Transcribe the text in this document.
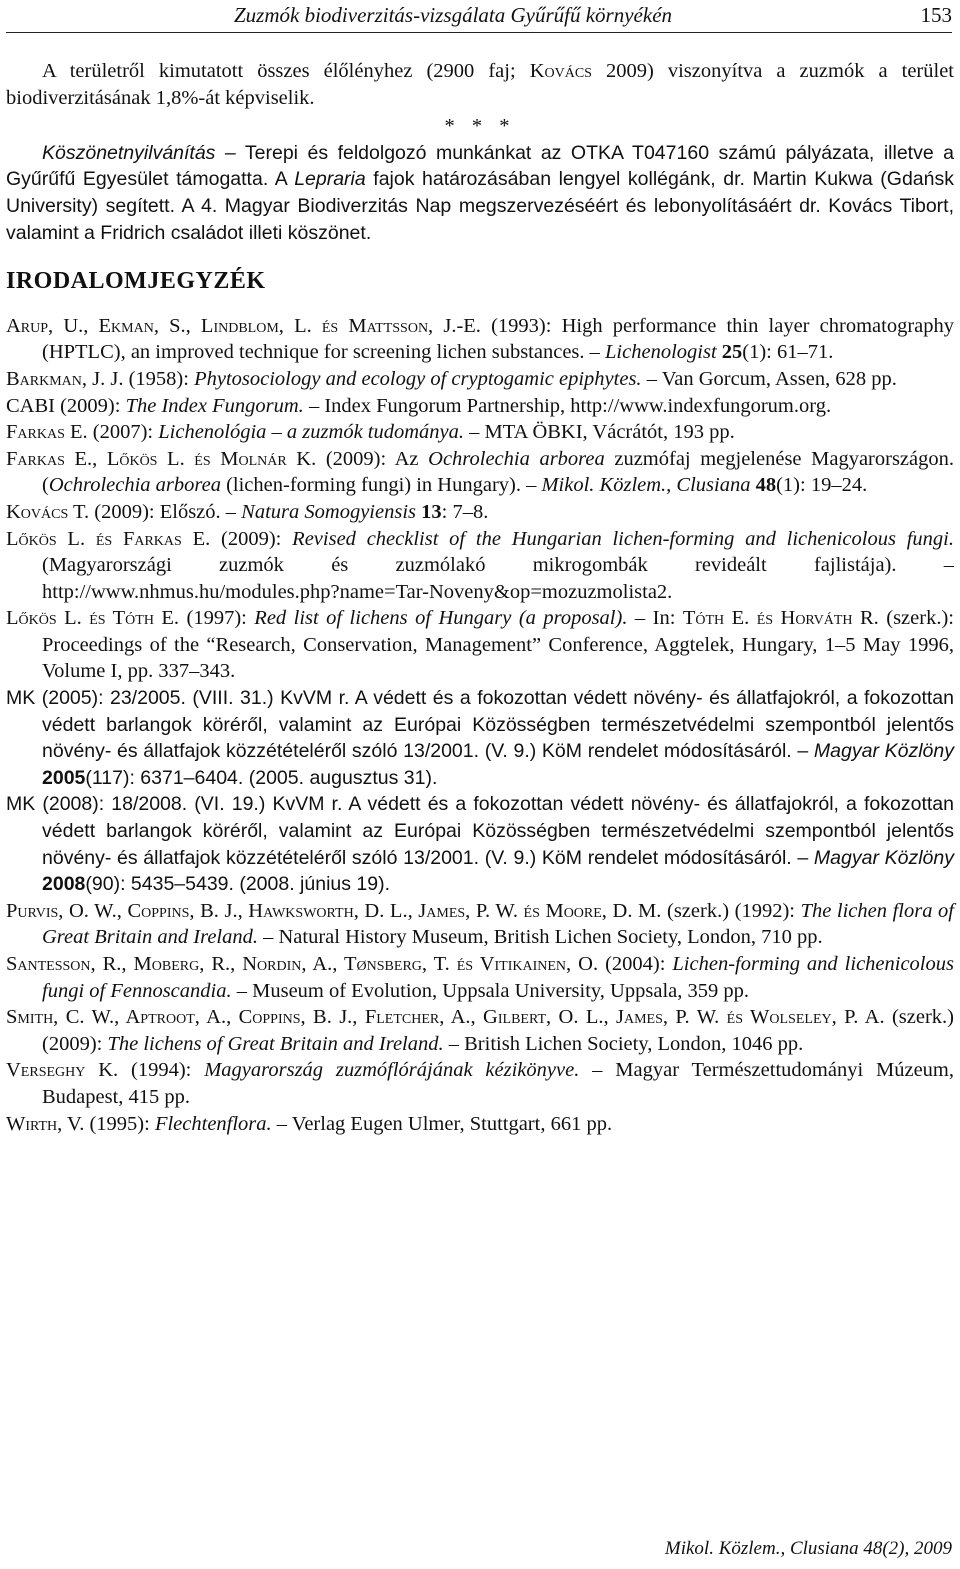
Zuzmók biodiverzitás-vizsgálata Gyűrűfű környékén	153

A területről kimutatott összes élőlényhez (2900 faj; Kovács 2009) viszonyítva a zuzmók a terület biodiverzitásának 1,8%-át képviselik.

* * *

Köszönetnyilvánítás – Terepi és feldolgozó munkánkat az OTKA T047160 számú pályázata, illetve a Gyűrűfű Egyesület támogatta. A Lepraria fajok határozásában lengyel kollégánk, dr. Martin Kukwa (Gdańsk University) segített. A 4. Magyar Biodiverzitás Nap megszervezéséért és lebonyolításáért dr. Kovács Tibort, valamint a Fridrich családot illeti köszönet.

IRODALOMJEGYZÉK

Arup, U., Ekman, S., Lindblom, L. és Mattsson, J.-E. (1993): High performance thin layer chromatography (HPTLC), an improved technique for screening lichen substances. – Lichenologist 25(1): 61–71.

Barkman, J. J. (1958): Phytosociology and ecology of cryptogamic epiphytes. – Van Gorcum, Assen, 628 pp.

CABI (2009): The Index Fungorum. – Index Fungorum Partnership, http://www.indexfungorum.org.

Farkas E. (2007): Lichenológia – a zuzmók tudománya. – MTA ÖBKI, Vácrátót, 193 pp.

Farkas E., Lőkös L. és Molnár K. (2009): Az Ochrolechia arborea zuzmófaj megjelenése Magyarországon. (Ochrolechia arborea (lichen-forming fungi) in Hungary). – Mikol. Közlem., Clusiana 48(1): 19–24.

Kovács T. (2009): Előszó. – Natura Somogyiensis 13: 7–8.

Lőkös L. és Farkas E. (2009): Revised checklist of the Hungarian lichen-forming and lichenicolous fungi. (Magyarországi zuzmók és zuzmólakó mikrogombák revideált fajlistája). – http://www.nhmus.hu/modules.php?name=Tar-Noveny&op=mozuzmolista2.

Lőkös L. és Tóth E. (1997): Red list of lichens of Hungary (a proposal). – In: Tóth E. és Horváth R. (szerk.): Proceedings of the “Research, Conservation, Management” Conference, Aggtelek, Hungary, 1–5 May 1996, Volume I, pp. 337–343.

MK (2005): 23/2005. (VIII. 31.) KvVM r. A védett és a fokozottan védett növény- és állatfajokról, a fokozottan védett barlangok köréről, valamint az Európai Közösségben természetvédelmi szempontból jelentős növény- és állatfajok közzétételéről szóló 13/2001. (V. 9.) KöM rendelet módosításáról. – Magyar Közlöny 2005(117): 6371–6404. (2005. augusztus 31).

MK (2008): 18/2008. (VI. 19.) KvVM r. A védett és a fokozottan védett növény- és állatfajokról, a fokozottan védett barlangok köréről, valamint az Európai Közösségben természetvédelmi szempontból jelentős növény- és állatfajok közzétételéről szóló 13/2001. (V. 9.) KöM rendelet módosításáról. – Magyar Közlöny 2008(90): 5435–5439. (2008. június 19).

Purvis, O. W., Coppins, B. J., Hawksworth, D. L., James, P. W. és Moore, D. M. (szerk.) (1992): The lichen flora of Great Britain and Ireland. – Natural History Museum, British Lichen Society, London, 710 pp.

Santesson, R., Moberg, R., Nordin, A., Tønsberg, T. és Vitikainen, O. (2004): Lichen-forming and lichenicolous fungi of Fennoscandia. – Museum of Evolution, Uppsala University, Uppsala, 359 pp.

Smith, C. W., Aptroot, A., Coppins, B. J., Fletcher, A., Gilbert, O. L., James, P. W. és Wolseley, P. A. (szerk.) (2009): The lichens of Great Britain and Ireland. – British Lichen Society, London, 1046 pp.

Verseghy K. (1994): Magyarország zuzmóflórájának kézikönyve. – Magyar Természettudományi Múzeum, Budapest, 415 pp.

Wirth, V. (1995): Flechtenflora. – Verlag Eugen Ulmer, Stuttgart, 661 pp.

Mikol. Közlem., Clusiana 48(2), 2009
